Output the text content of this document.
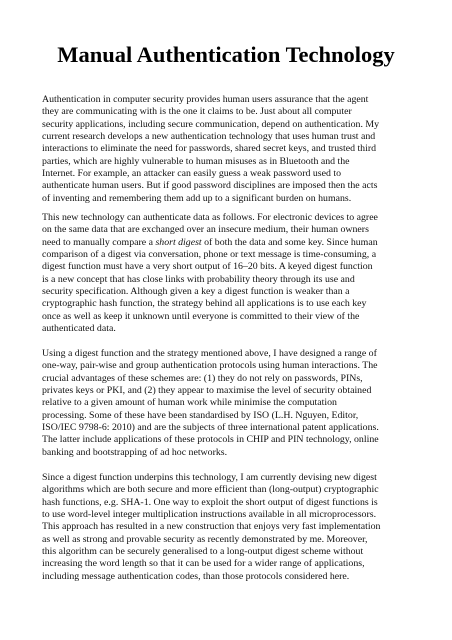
Manual Authentication Technology
Authentication in computer security provides human users assurance that the agent
they are communicating with is the one it claims to be. Just about all computer
security applications, including secure communication, depend on authentication. My
current research develops a new authentication technology that uses human trust and
interactions to eliminate the need for passwords, shared secret keys, and trusted third
parties, which are highly vulnerable to human misuses as in Bluetooth and the
Internet. For example, an attacker can easily guess a weak password used to
authenticate human users. But if good password disciplines are imposed then the acts
of inventing and remembering them add up to a significant burden on humans.
This new technology can authenticate data as follows. For electronic devices to agree
on the same data that are exchanged over an insecure medium, their human owners
need to manually compare a short digest of both the data and some key. Since human
comparison of a digest via conversation, phone or text message is time-consuming, a
digest function must have a very short output of 16‒20 bits. A keyed digest function
is a new concept that has close links with probability theory through its use and
security specification. Although given a key a digest function is weaker than a
cryptographic hash function, the strategy behind all applications is to use each key
once as well as keep it unknown until everyone is committed to their view of the
authenticated data.
Using a digest function and the strategy mentioned above, I have designed a range of
one-way, pair-wise and group authentication protocols using human interactions. The
crucial advantages of these schemes are: (1) they do not rely on passwords, PINs,
privates keys or PKI, and (2) they appear to maximise the level of security obtained
relative to a given amount of human work while minimise the computation
processing. Some of these have been standardised by ISO (L.H. Nguyen, Editor,
ISO/IEC 9798-6: 2010) and are the subjects of three international patent applications.
The latter include applications of these protocols in CHIP and PIN technology, online
banking and bootstrapping of ad hoc networks.
Since a digest function underpins this technology, I am currently devising new digest
algorithms which are both secure and more efficient than (long-output) cryptographic
hash functions, e.g. SHA-1. One way to exploit the short output of digest functions is
to use word-level integer multiplication instructions available in all microprocessors.
This approach has resulted in a new construction that enjoys very fast implementation
as well as strong and provable security as recently demonstrated by me. Moreover,
this algorithm can be securely generalised to a long-output digest scheme without
increasing the word length so that it can be used for a wider range of applications,
including message authentication codes, than those protocols considered here.
